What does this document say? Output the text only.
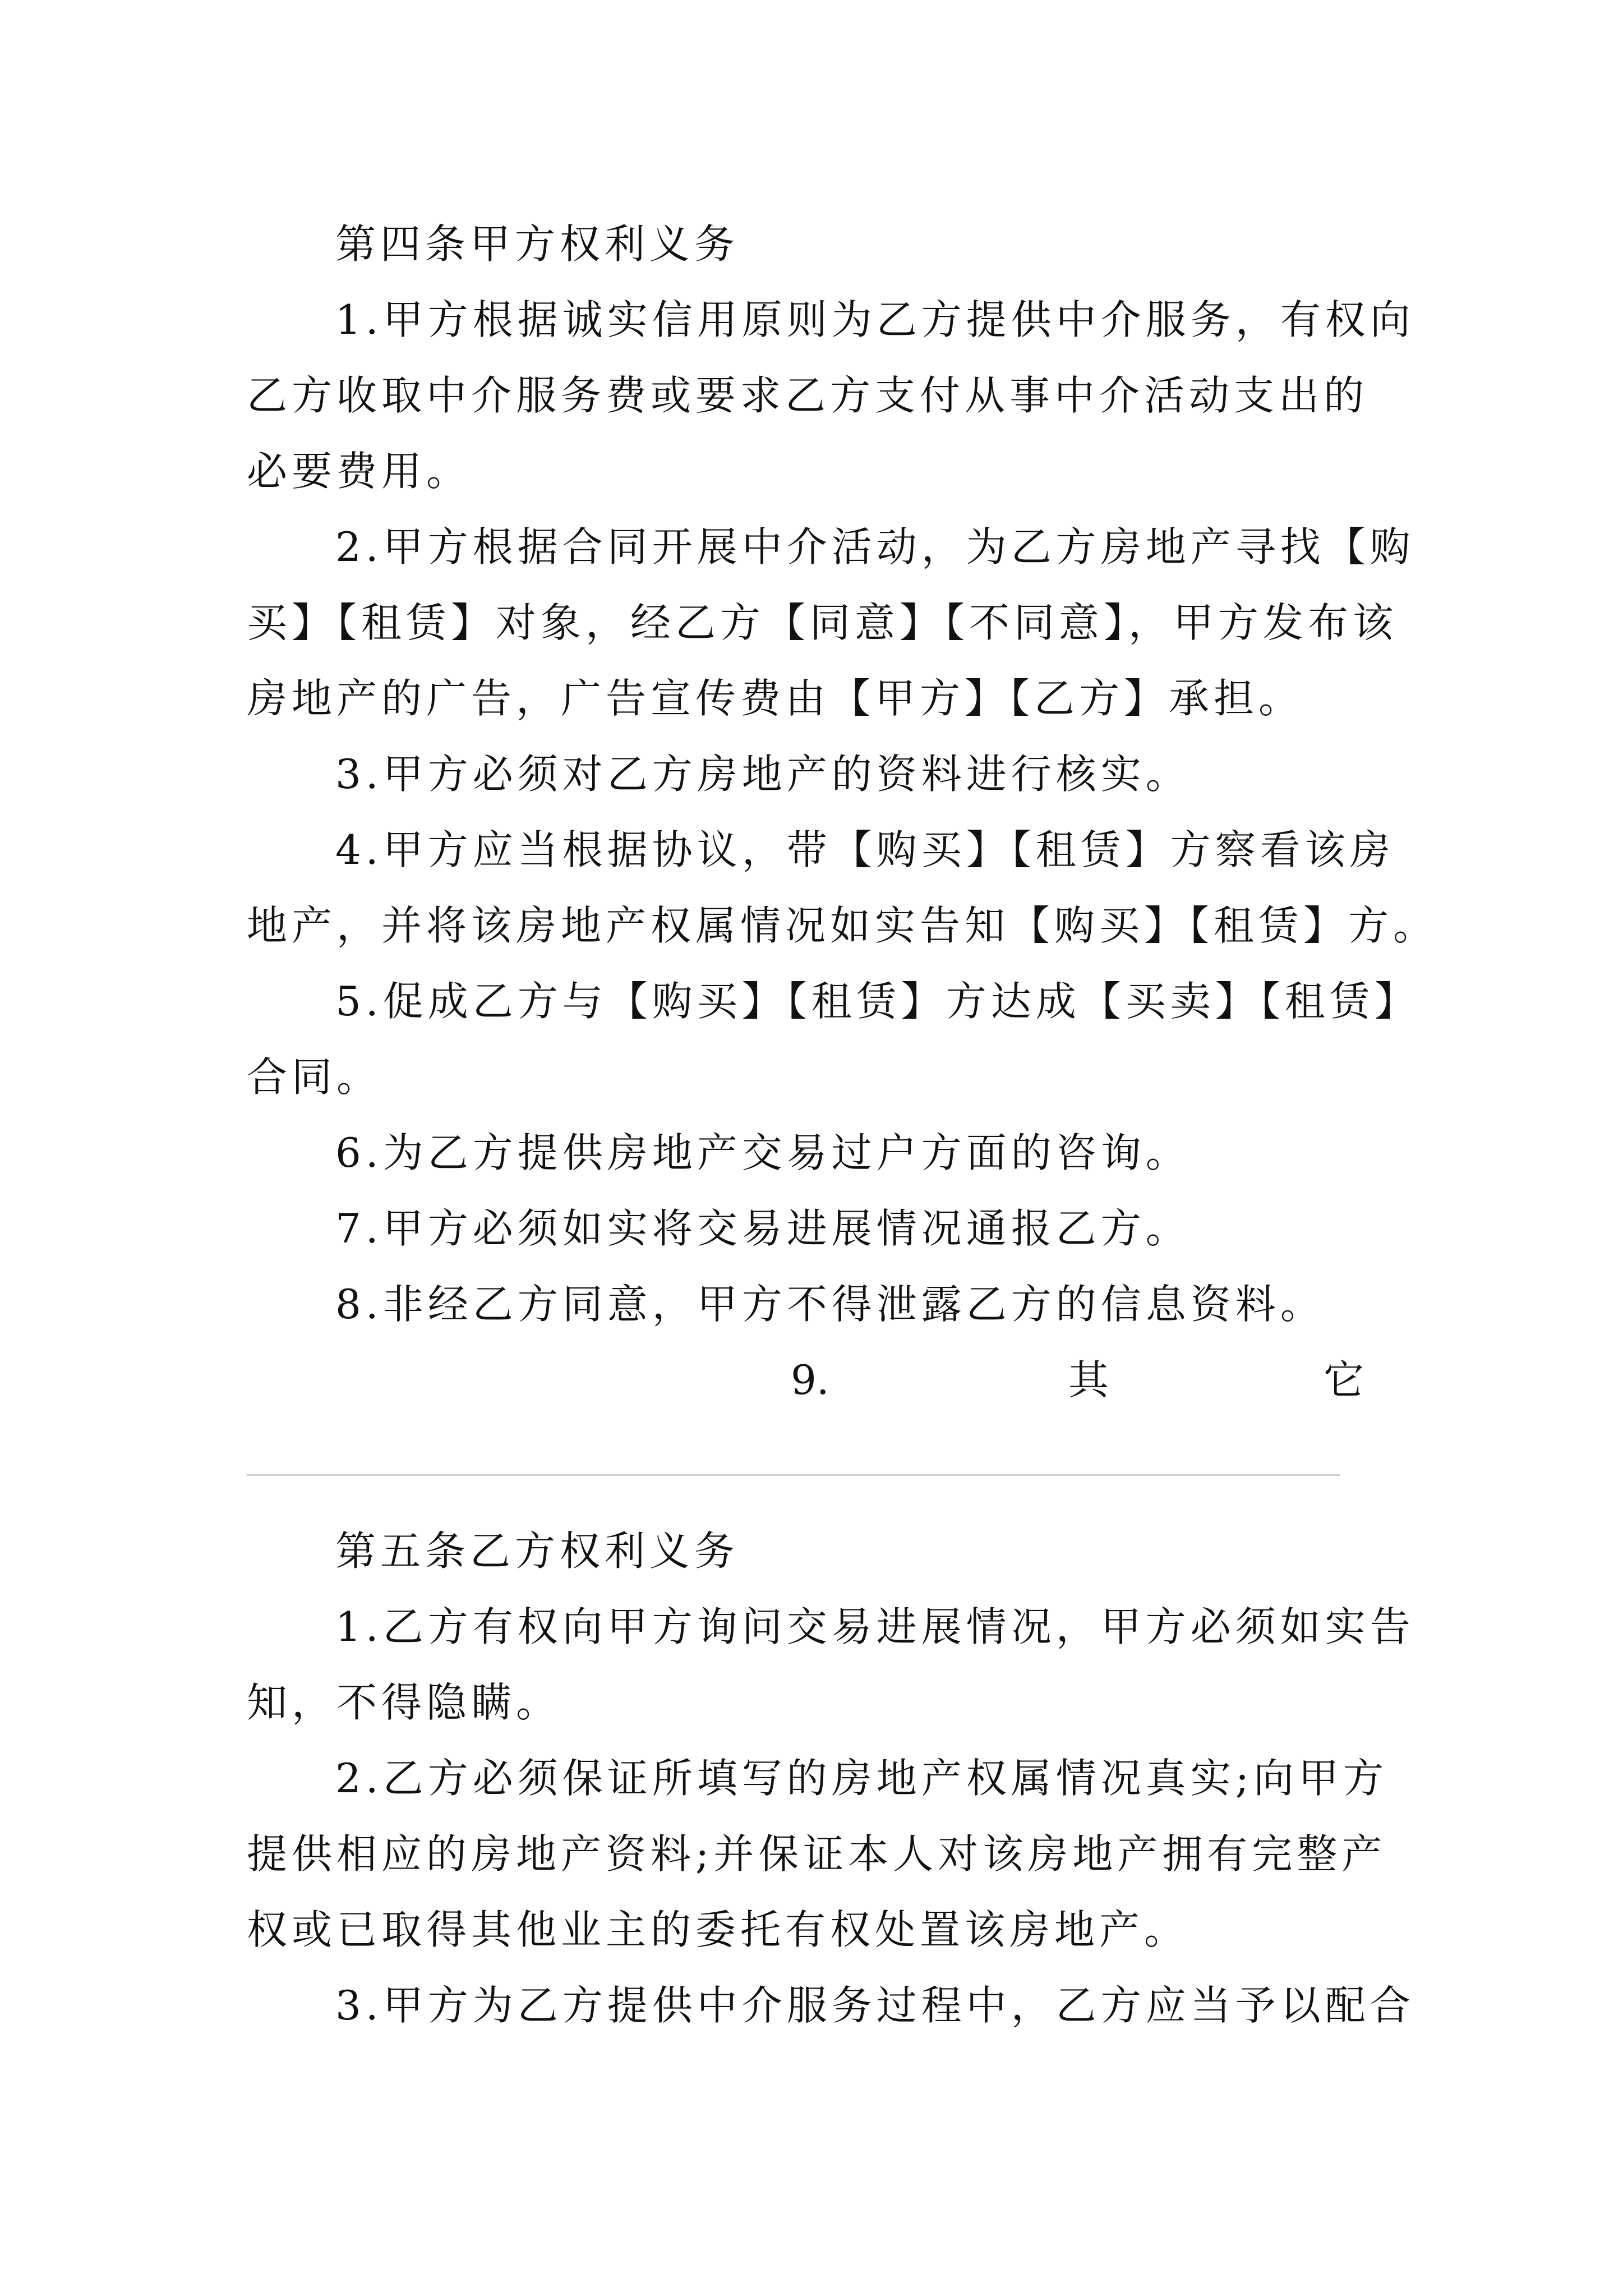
第四条甲方权利义务
1.甲方根据诚实信用原则为乙方提供中介服务，有权向
乙方收取中介服务费或要求乙方支付从事中介活动支出的
必要费用。
2.甲方根据合同开展中介活动，为乙方房地产寻找【购
买】【租赁】对象，经乙方【同意】【不同意】，甲方发布该
房地产的广告，广告宣传费由【甲方】【乙方】承担。
3.甲方必须对乙方房地产的资料进行核实。
4.甲方应当根据协议，带【购买】【租赁】方察看该房
地产，并将该房地产权属情况如实告知【购买】【租赁】方。
5.促成乙方与【购买】【租赁】方达成【买卖】【租赁】
合同。
6.为乙方提供房地产交易过户方面的咨询。
7.甲方必须如实将交易进展情况通报乙方。
8.非经乙方同意，甲方不得泄露乙方的信息资料。
9.	其	它
第五条乙方权利义务
1.乙方有权向甲方询问交易进展情况，甲方必须如实告
知，不得隐瞒。
2.乙方必须保证所填写的房地产权属情况真实;向甲方
提供相应的房地产资料;并保证本人对该房地产拥有完整产
权或已取得其他业主的委托有权处置该房地产。
3.甲方为乙方提供中介服务过程中，乙方应当予以配合
